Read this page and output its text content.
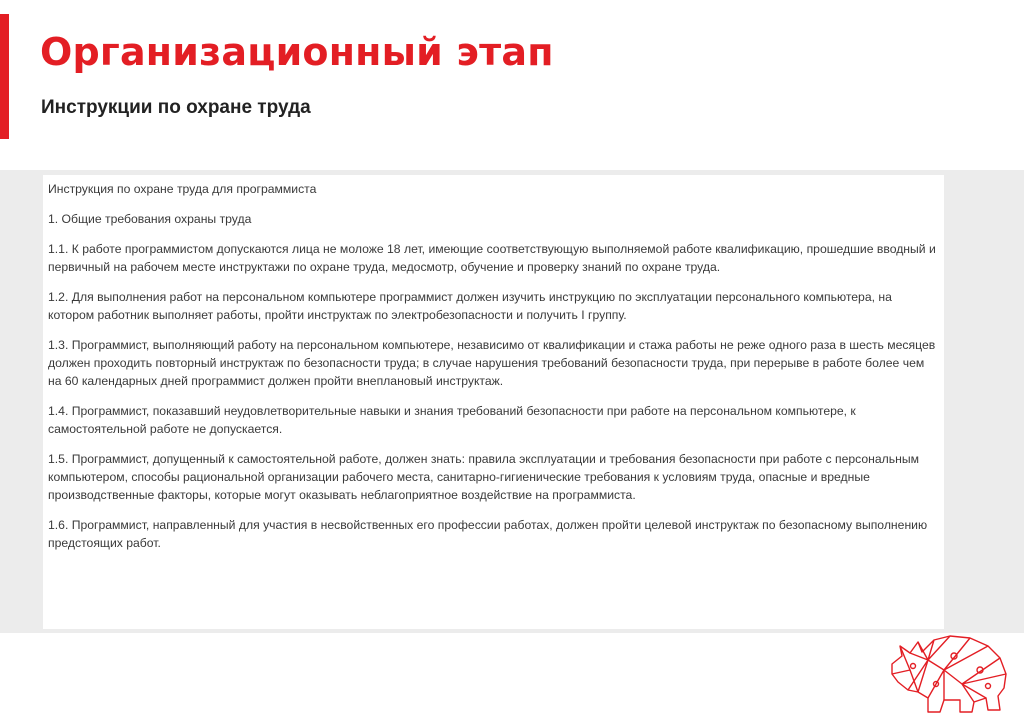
Организационный этап
Инструкции по охране труда

Инструкция по охране труда для программиста

1. Общие требования охраны труда

1.1. К работе программистом допускаются лица не моложе 18 лет, имеющие соответствующую выполняемой работе квалификацию, прошедшие вводный и первичный на рабочем месте инструктажи по охране труда, медосмотр, обучение и проверку знаний по охране труда.

1.2. Для выполнения работ на персональном компьютере программист должен изучить инструкцию по эксплуатации персонального компьютера, на котором работник выполняет работы, пройти инструктаж по электробезопасности и получить I группу.

1.3. Программист, выполняющий работу на персональном компьютере, независимо от квалификации и стажа работы не реже одного раза в шесть месяцев должен проходить повторный инструктаж по безопасности труда; в случае нарушения требований безопасности труда, при перерыве в работе более чем на 60 календарных дней программист должен пройти внеплановый инструктаж.

1.4. Программист, показавший неудовлетворительные навыки и знания требований безопасности при работе на персональном компьютере, к самостоятельной работе не допускается.

1.5. Программист, допущенный к самостоятельной работе, должен знать: правила эксплуатации и требования безопасности при работе с персональным компьютером, способы рациональной организации рабочего места, санитарно-гигиенические требования к условиям труда, опасные и вредные производственные факторы, которые могут оказывать неблагоприятное воздействие на программиста.

1.6. Программист, направленный для участия в несвойственных его профессии работах, должен пройти целевой инструктаж по безопасному выполнению предстоящих работ.
